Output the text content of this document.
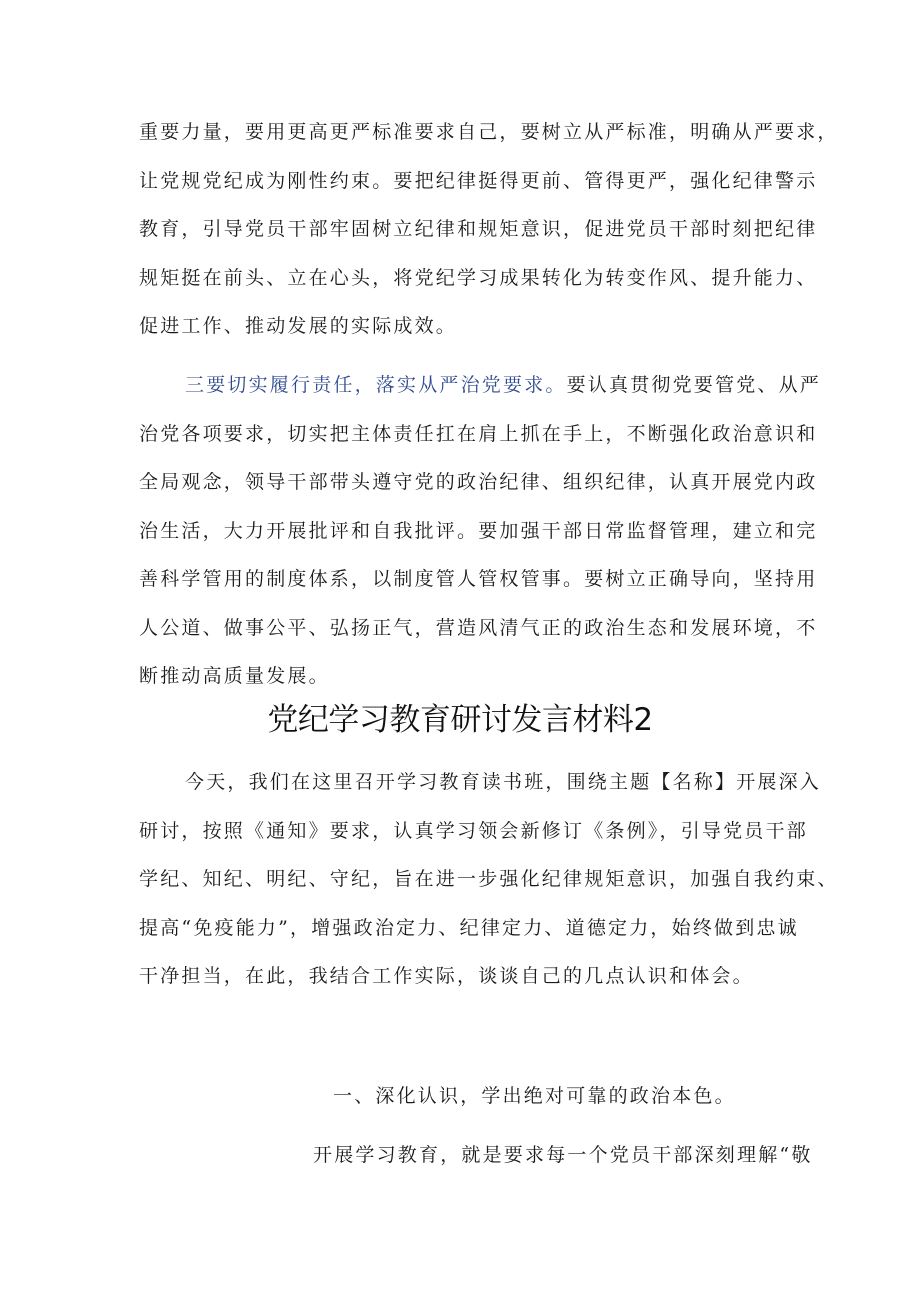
重要力量，要用更高更严标准要求自己，要树立从严标准，明确从严要求，
让党规党纪成为刚性约束。要把纪律挺得更前、管得更严，强化纪律警示
教育，引导党员干部牢固树立纪律和规矩意识，促进党员干部时刻把纪律
规矩挺在前头、立在心头，将党纪学习成果转化为转变作风、提升能力、
促进工作、推动发展的实际成效。
三要切实履行责任，落实从严治党要求。要认真贯彻党要管党、从严
治党各项要求，切实把主体责任扛在肩上抓在手上，不断强化政治意识和
全局观念，领导干部带头遵守党的政治纪律、组织纪律，认真开展党内政
治生活，大力开展批评和自我批评。要加强干部日常监督管理，建立和完
善科学管用的制度体系，以制度管人管权管事。要树立正确导向，坚持用
人公道、做事公平、弘扬正气，营造风清气正的政治生态和发展环境，不
断推动高质量发展。
党纪学习教育研讨发言材料2
今天，我们在这里召开学习教育读书班，围绕主题【名称】开展深入
研讨，按照《通知》要求，认真学习领会新修订《条例》，引导党员干部
学纪、知纪、明纪、守纪，旨在进一步强化纪律规矩意识，加强自我约束、
提高“免疫能力”，增强政治定力、纪律定力、道德定力，始终做到忠诚
干净担当，在此，我结合工作实际，谈谈自己的几点认识和体会。
一、深化认识，学出绝对可靠的政治本色。
开展学习教育，就是要求每一个党员干部深刻理解“敬
